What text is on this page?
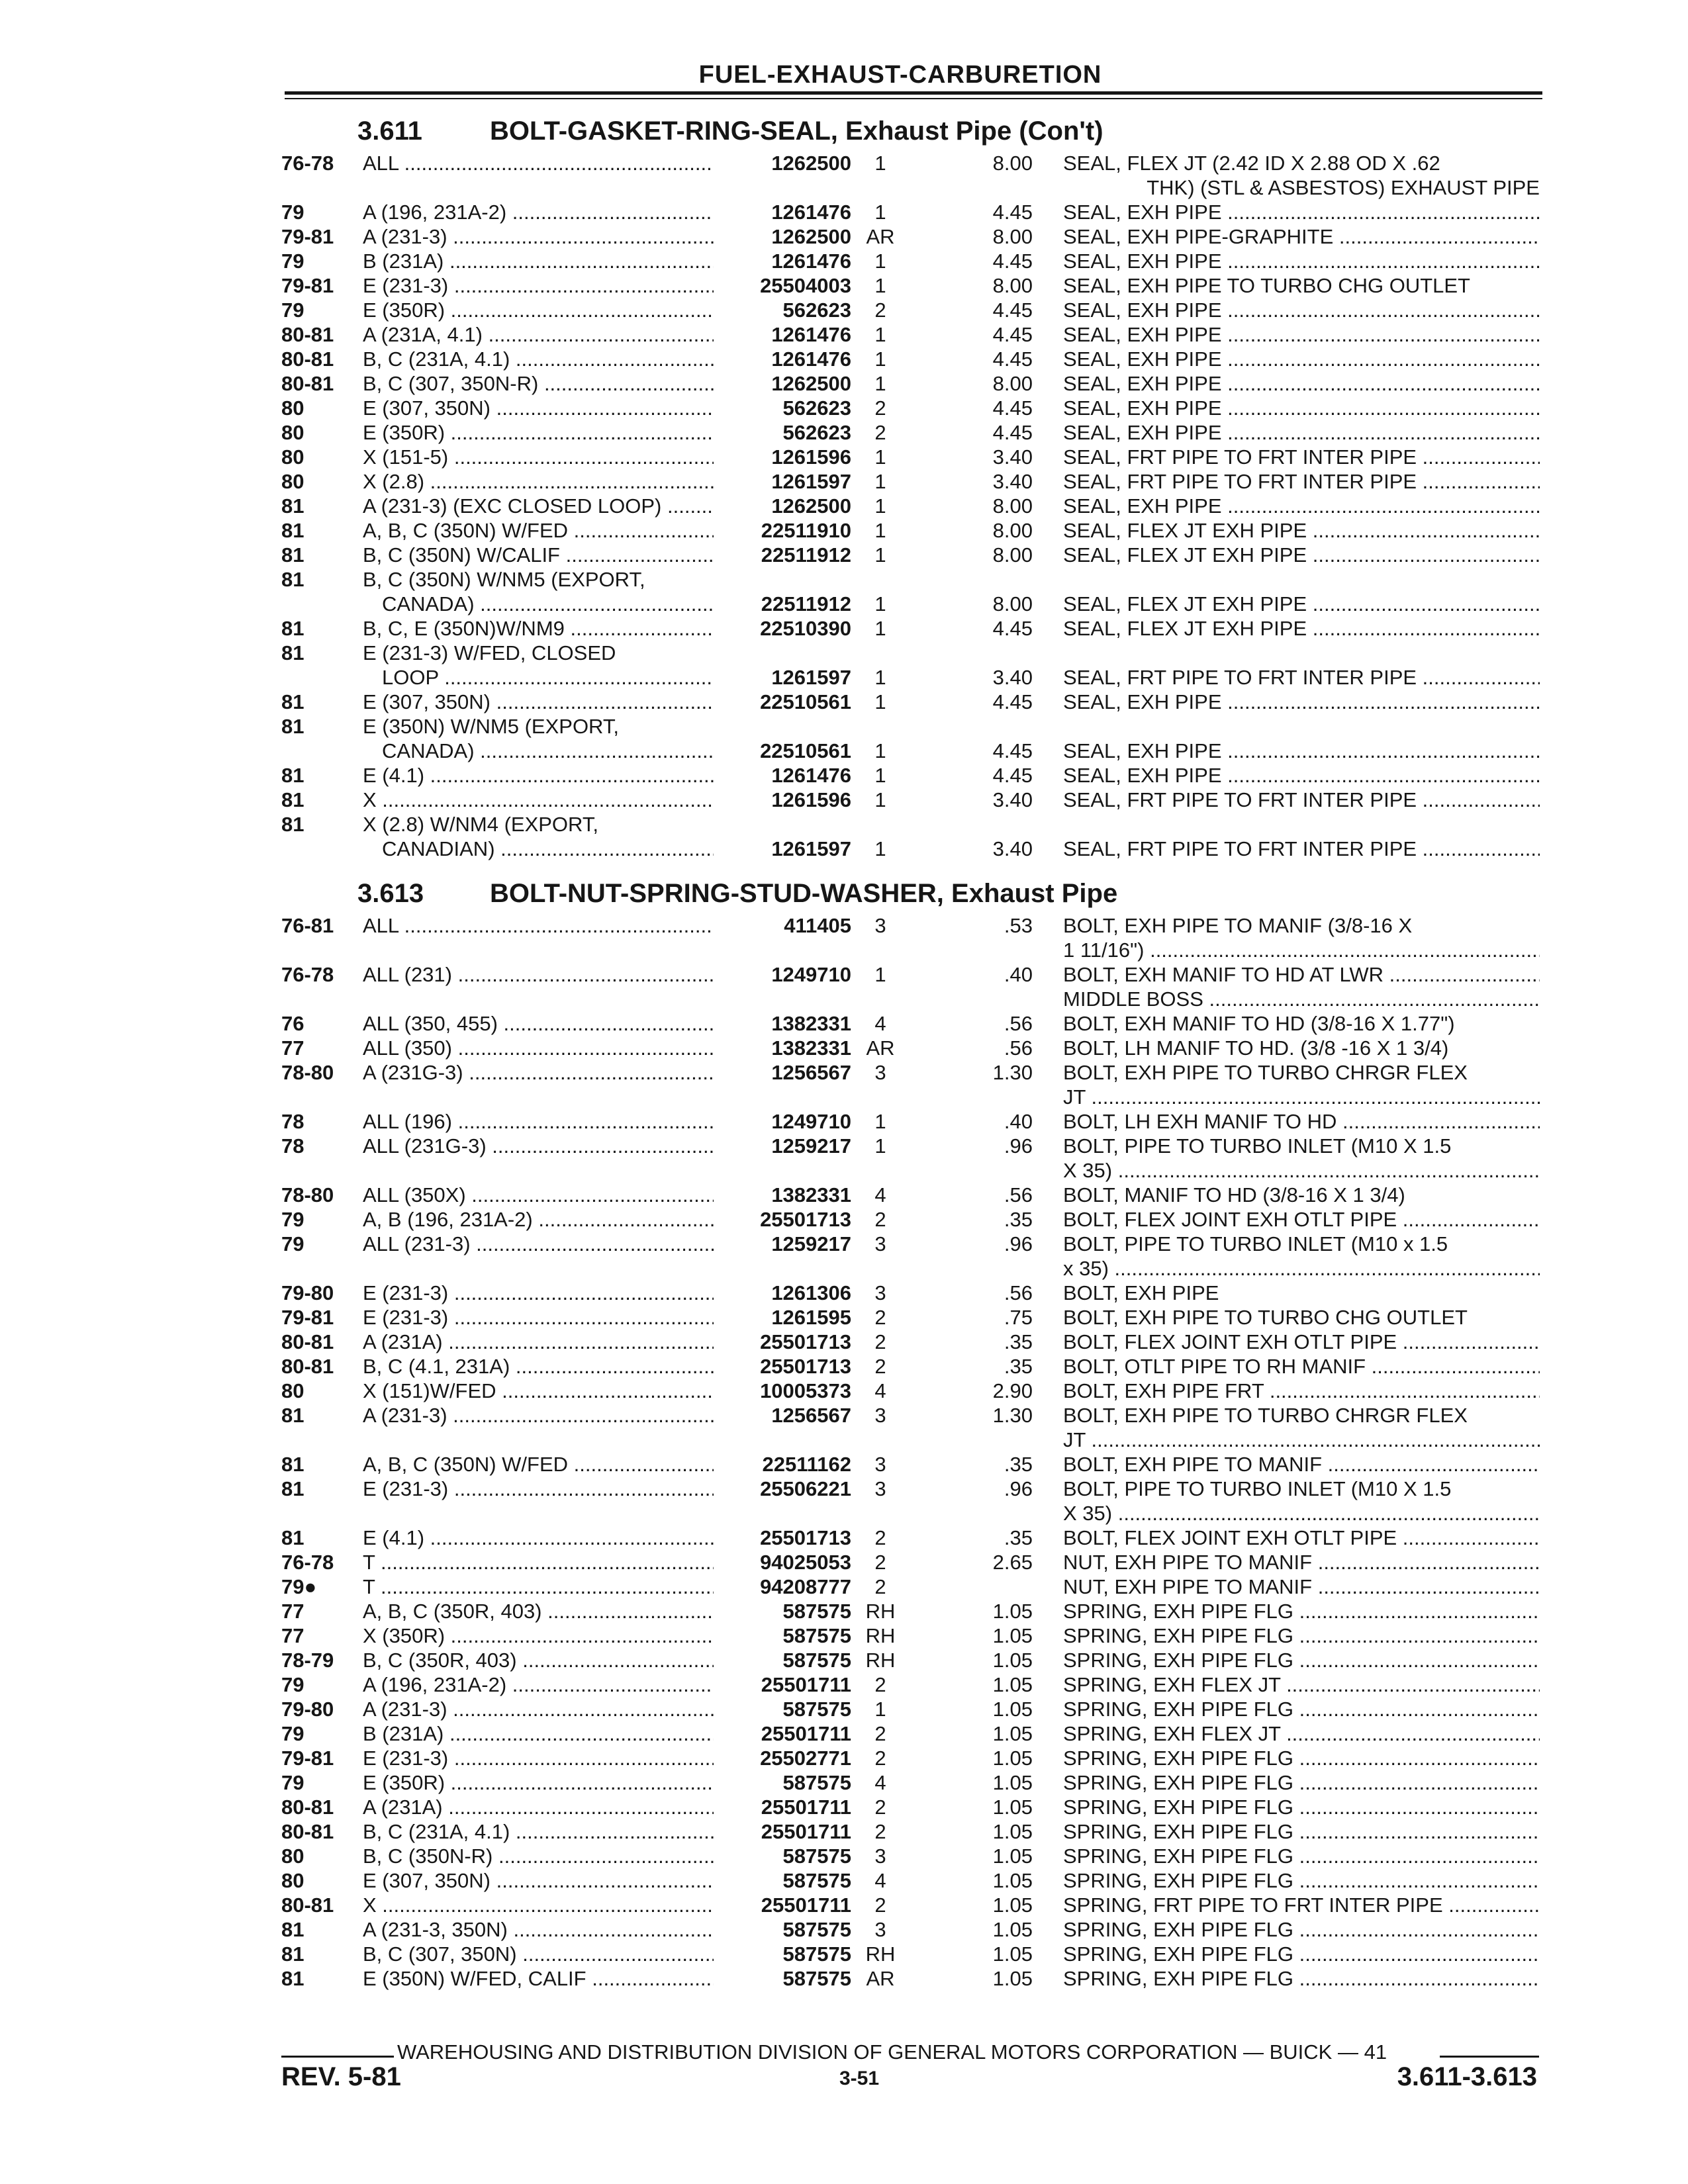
FUEL-EXHAUST-CARBURETION
3.611	BOLT-GASKET-RING-SEAL, Exhaust Pipe (Con't)
76-78 ALL .....	1262500	1	8.00 SEAL, FLEX JT (2.42 ID X 2.88 OD X .62
THK) (STL & ASBESTOS) EXHAUST PIPE
79	A (196, 231A-2) .....	1261476	1	4.45 SEAL, EXH PIPE .....
79-81 A (231-3) .....	1262500 AR	8.00 SEAL, EXH PIPE-GRAPHITE .....
79	B (231A) .....	1261476	1	4.45 SEAL, EXH PIPE .....
79-81 E (231-3) .....	25504003	1	8.00 SEAL, EXH PIPE TO TURBO CHG OUTLET
79	E (350R) .....	562623	2	4.45 SEAL, EXH PIPE .....
80-81 A (231A, 4.1) .....	1261476	1	4.45 SEAL, EXH PIPE .....
80-81 B, C (231A, 4.1) .....	1261476	1	4.45 SEAL, EXH PIPE .....
80-81 B, C (307, 350N-R) .....	1262500	1	8.00 SEAL, EXH PIPE .....
80	E (307, 350N) .....	562623	2	4.45 SEAL, EXH PIPE .....
80	E (350R) .....	562623	2	4.45 SEAL, EXH PIPE .....
80	X (151-5) .....	1261596	1	3.40 SEAL, FRT PIPE TO FRT INTER PIPE .....
80	X (2.8) .....	1261597	1	3.40 SEAL, FRT PIPE TO FRT INTER PIPE .....
81	A (231-3) (EXC CLOSED LOOP) .....	1262500	1	8.00 SEAL, EXH PIPE .....
81	A, B, C (350N) W/FED .....	22511910	1	8.00 SEAL, FLEX JT EXH PIPE .....
81	B, C (350N) W/CALIF .....	22511912	1	8.00 SEAL, FLEX JT EXH PIPE .....
81	B, C (350N) W/NM5 (EXPORT,
CANADA) .....	22511912	1	8.00 SEAL, FLEX JT EXH PIPE .....
81	B, C, E (350N)W/NM9 .....	22510390	1	4.45 SEAL, FLEX JT EXH PIPE .....
81	E (231-3) W/FED, CLOSED
LOOP .....	1261597	1	3.40 SEAL, FRT PIPE TO FRT INTER PIPE .....
81	E (307, 350N) .....	22510561	1	4.45 SEAL, EXH PIPE .....
81	E (350N) W/NM5 (EXPORT,
CANADA) .....	22510561	1	4.45 SEAL, EXH PIPE .....
81	E (4.1) .....	1261476	1	4.45 SEAL, EXH PIPE .....
81	X .....	1261596	1	3.40 SEAL, FRT PIPE TO FRT INTER PIPE .....
81	X (2.8) W/NM4 (EXPORT,
CANADIAN) .....	1261597	1	3.40 SEAL, FRT PIPE TO FRT INTER PIPE .....
3.613 BOLT-NUT-SPRING-STUD-WASHER, Exhaust Pipe
76-81 ALL .....	411405	3	.53 BOLT, EXH PIPE TO MANIF (3/8-16 X
1 11/16") .....
76-78 ALL (231) .....	1249710	1	.40 BOLT, EXH MANIF TO HD AT LWR .....
MIDDLE BOSS .....
76	ALL (350, 455) .....	1382331	4	.56 BOLT, EXH MANIF TO HD (3/8-16 X 1.77")
77	ALL (350) .....	1382331 AR	.56 BOLT, LH MANIF TO HD. (3/8 -16 X 1 3/4)
78-80 A (231G-3) .....	1256567	3	1.30 BOLT, EXH PIPE TO TURBO CHRGR FLEX
JT .....
78	ALL (196) .....	1249710	1	.40 BOLT, LH EXH MANIF TO HD .....
78	ALL (231G-3) .....	1259217	1	.96 BOLT, PIPE TO TURBO INLET (M10 X 1.5
X 35) .....
78-80 ALL (350X) .....	1382331	4	.56 BOLT, MANIF TO HD (3/8-16 X 1 3/4)
79	A, B (196, 231A-2) .....	25501713	2	.35 BOLT, FLEX JOINT EXH OTLT PIPE .....
79	ALL (231-3) .....	1259217	3	.96 BOLT, PIPE TO TURBO INLET (M10 x 1.5
x 35) .....
79-80 E (231-3) .....	1261306	3	.56 BOLT, EXH PIPE
79-81 E (231-3) .....	1261595	2	.75 BOLT, EXH PIPE TO TURBO CHG OUTLET
80-81 A (231A) .....	25501713	2	.35 BOLT, FLEX JOINT EXH OTLT PIPE .....
80-81 B, C (4.1, 231A) .....	25501713	2	.35 BOLT, OTLT PIPE TO RH MANIF .....
80	X (151)W/FED .....	10005373	4	2.90 BOLT, EXH PIPE FRT .....
81	A (231-3) .....	1256567	3	1.30 BOLT, EXH PIPE TO TURBO CHRGR FLEX
JT .....
81	A, B, C (350N) W/FED .....	22511162	3	.35 BOLT, EXH PIPE TO MANIF .....
81	E (231-3) .....	25506221	3	.96 BOLT, PIPE TO TURBO INLET (M10 X 1.5
X 35) .....
81	E (4.1) .....	25501713	2	.35 BOLT, FLEX JOINT EXH OTLT PIPE .....
76-78 T .....	94025053	2	2.65 NUT, EXH PIPE TO MANIF .....
79● T .....	94208777	2	NUT, EXH PIPE TO MANIF .....
77	A, B, C (350R, 403) .....	587575 RH	1.05 SPRING, EXH PIPE FLG .....
77	X (350R) .....	587575 RH	1.05 SPRING, EXH PIPE FLG .....
78-79 B, C (350R, 403) .....	587575 RH	1.05 SPRING, EXH PIPE FLG .....
79	A (196, 231A-2) .....	25501711	2	1.05 SPRING, EXH FLEX JT .....
79-80 A (231-3) .....	587575	1	1.05 SPRING, EXH PIPE FLG .....
79	B (231A) .....	25501711	2	1.05 SPRING, EXH FLEX JT .....
79-81 E (231-3) .....	25502771	2	1.05 SPRING, EXH PIPE FLG .....
79	E (350R) .....	587575	4	1.05 SPRING, EXH PIPE FLG .....
80-81 A (231A) .....	25501711	2	1.05 SPRING, EXH PIPE FLG .....
80-81 B, C (231A, 4.1) .....	25501711	2	1.05 SPRING, EXH PIPE FLG .....
80	B, C (350N-R) .....	587575	3	1.05 SPRING, EXH PIPE FLG .....
80	E (307, 350N) .....	587575	4	1.05 SPRING, EXH PIPE FLG .....
80-81 X .....	25501711	2	1.05 SPRING, FRT PIPE TO FRT INTER PIPE .....
81	A (231-3, 350N) .....	587575	3	1.05 SPRING, EXH PIPE FLG .....
81	B, C (307, 350N) .....	587575 RH	1.05 SPRING, EXH PIPE FLG .....
81	E (350N) W/FED, CALIF .....	587575 AR	1.05 SPRING, EXH PIPE FLG .....
WAREHOUSING AND DISTRIBUTION DIVISION OF GENERAL MOTORS CORPORATION — BUICK — 41
REV. 5-81	3-51	3.611-3.613
